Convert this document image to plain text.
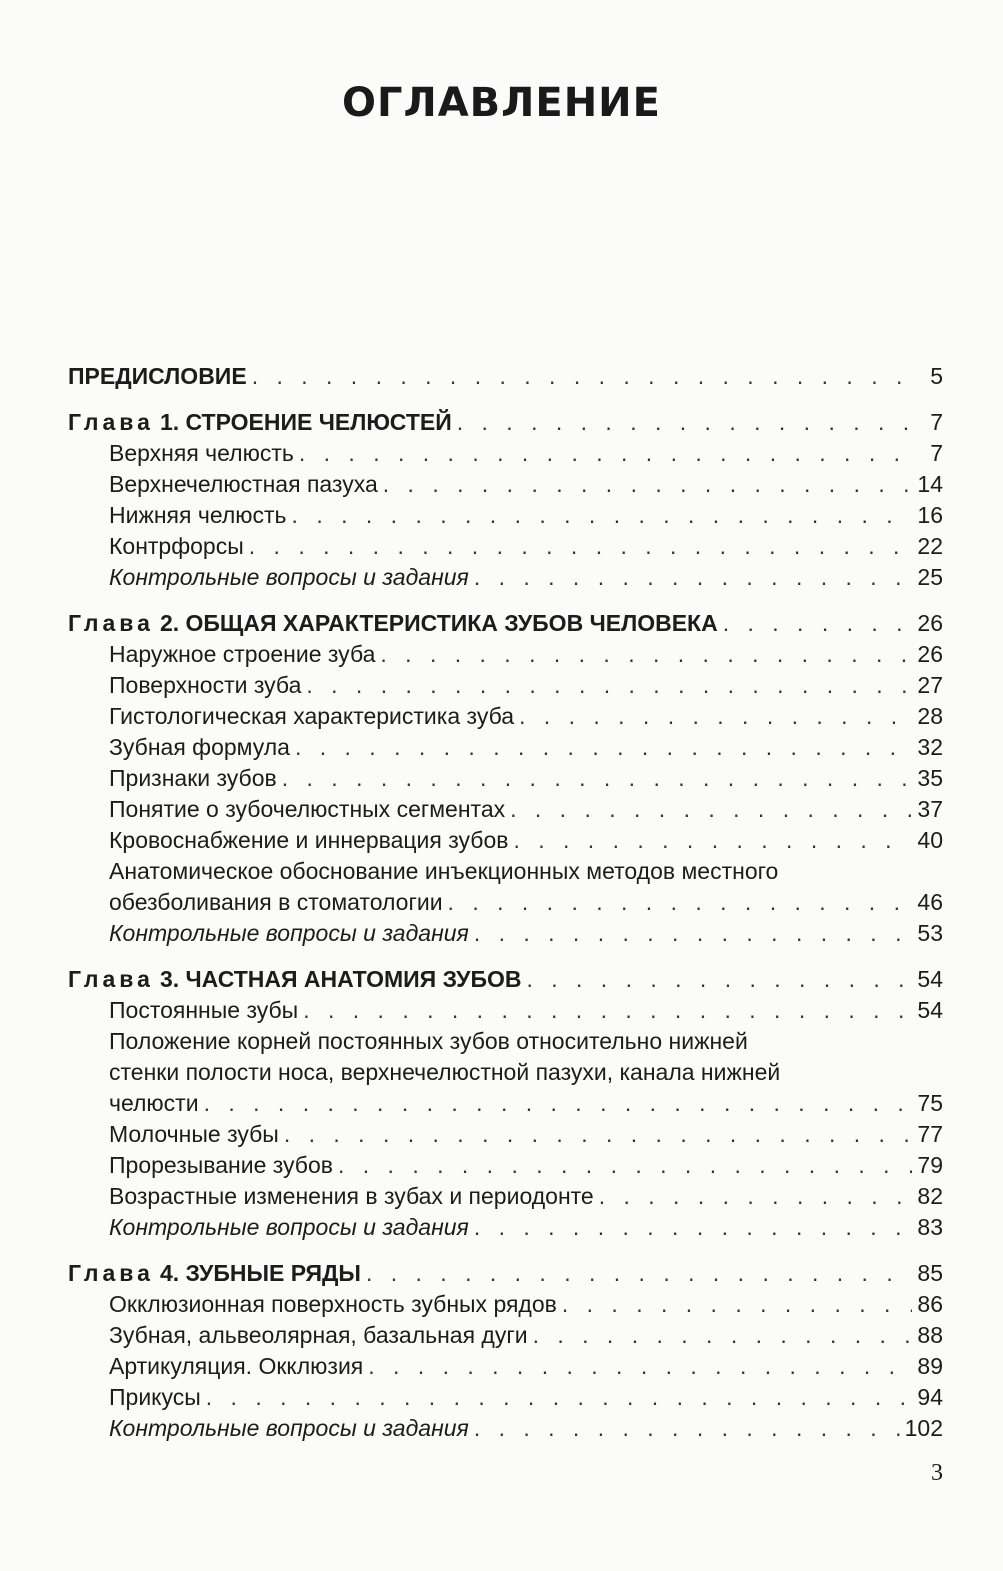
ОГЛАВЛЕНИЕ
ПРЕДИСЛОВИЕ . . .	5
Глава 1. СТРОЕНИЕ ЧЕЛЮСТЕЙ . . .	7
Верхняя челюсть . . .	7
Верхнечелюстная пазуха . . .	14
Нижняя челюсть . . .	16
Контрфорсы . . .	22
Контрольные вопросы и задания . . .	25
Глава 2. ОБЩАЯ ХАРАКТЕРИСТИКА ЗУБОВ ЧЕЛОВЕКА . . .	26
Наружное строение зуба . . .	26
Поверхности зуба . . .	27
Гистологическая характеристика зуба . . .	28
Зубная формула . . .	32
Признаки зубов . . .	35
Понятие о зубочелюстных сегментах . . .	37
Кровоснабжение и иннервация зубов . . .	40
Анатомическое обоснование инъекционных методов местного
обезболивания в стоматологии . . .	46
Контрольные вопросы и задания . . .	53
Глава 3. ЧАСТНАЯ АНАТОМИЯ ЗУБОВ . . .	54
Постоянные зубы . . .	54
Положение корней постоянных зубов относительно нижней
стенки полости носа, верхнечелюстной пазухи, канала нижней
челюсти . . .	75
Молочные зубы . . .	77
Прорезывание зубов . . .	79
Возрастные изменения в зубах и периодонте . . .	82
Контрольные вопросы и задания . . .	83
Глава 4. ЗУБНЫЕ РЯДЫ . . .	85
Окклюзионная поверхность зубных рядов . . .	86
Зубная, альвеолярная, базальная дуги . . .	88
Артикуляция. Окклюзия . . .	89
Прикусы . . .	94
Контрольные вопросы и задания . . .	102
3
